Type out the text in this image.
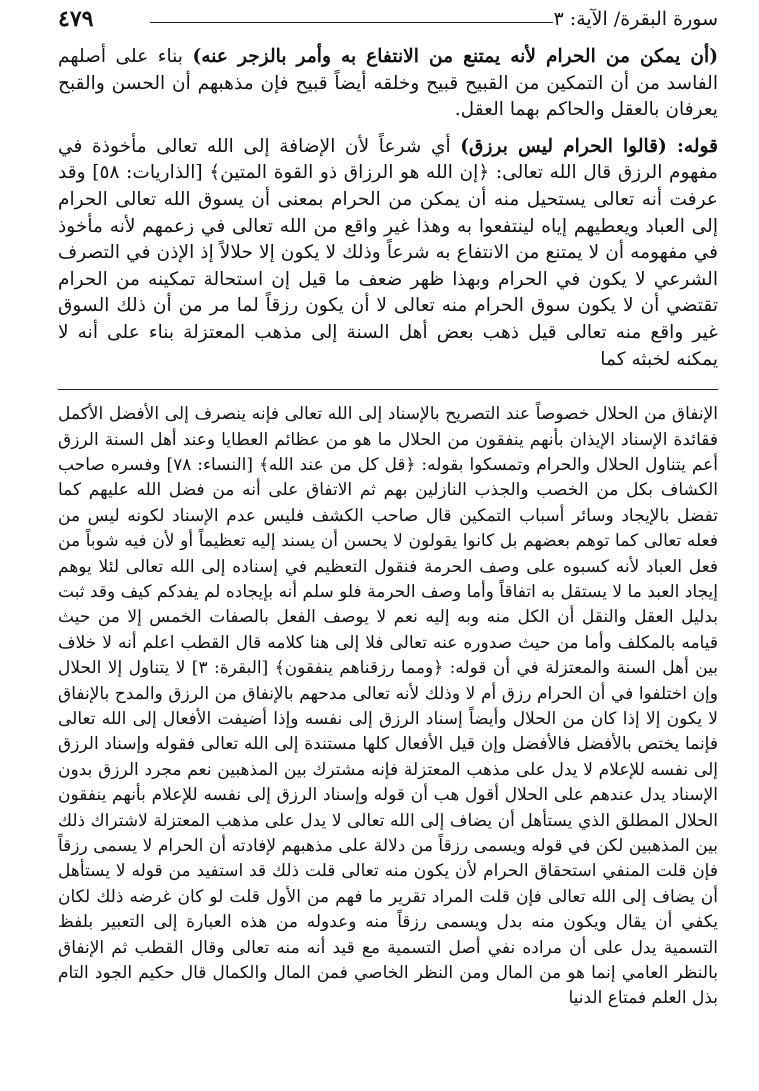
سورة البقرة/ الآية: ٣
٤٧٩

(أن يمكن من الحرام لأنه يمتنع من الانتفاع به وأمر بالزجر عنه) بناء على أصلهم الفاسد من أن التمكين من القبيح قبيح وخلقه أيضاً قبيح فإن مذهبهم أن الحسن والقبح يعرفان بالعقل والحاكم بهما العقل.

قوله: (قالوا الحرام ليس برزق) أي شرعاً لأن الإضافة إلى الله تعالى مأخوذة في مفهوم الرزق قال الله تعالى: ﴿إن الله هو الرزاق ذو القوة المتين﴾ [الذاريات: ٥٨] وقد عرفت أنه تعالى يستحيل منه أن يمكن من الحرام بمعنى أن يسوق الله تعالى الحرام إلى العباد ويعطيهم إياه لينتفعوا به وهذا غير واقع من الله تعالى في زعمهم لأنه مأخوذ في مفهومه أن لا يمتنع من الانتفاع به شرعاً وذلك لا يكون إلا حلالاً إذ الإذن في التصرف الشرعي لا يكون في الحرام وبهذا ظهر ضعف ما قيل إن استحالة تمكينه من الحرام تقتضي أن لا يكون سوق الحرام منه تعالى لا أن يكون رزقاً لما مر من أن ذلك السوق غير واقع منه تعالى قيل ذهب بعض أهل السنة إلى مذهب المعتزلة بناء على أنه لا يمكنه لخبثه كما

الإنفاق من الحلال خصوصاً عند التصريح بالإسناد إلى الله تعالى فإنه ينصرف إلى الأفضل الأكمل فقائدة الإسناد الإيذان بأنهم ينفقون من الحلال ما هو من عظائم العطايا وعند أهل السنة الرزق أعم يتناول الحلال والحرام وتمسكوا بقوله: ﴿قل كل من عند الله﴾ [النساء: ٧٨] وفسره صاحب الكشاف بكل من الخصب والجذب النازلين بهم ثم الاتفاق على أنه من فضل الله عليهم كما تفضل بالإيجاد وسائر أسباب التمكين قال صاحب الكشف فليس عدم الإسناد لكونه ليس من فعله تعالى كما توهم بعضهم بل كانوا يقولون لا يحسن أن يسند إليه تعظيماً أو لأن فيه شوباً من فعل العباد لأنه كسبوه على وصف الحرمة فنقول التعظيم في إسناده إلى الله تعالى لئلا يوهم إيجاد العبد ما لا يستقل به اتفاقاً وأما وصف الحرمة فلو سلم أنه بإيجاده لم يفدكم كيف وقد ثبت بدليل العقل والنقل أن الكل منه وبه إليه نعم لا يوصف الفعل بالصفات الخمس إلا من حيث قيامه بالمكلف وأما من حيث صدوره عنه تعالى فلا إلى هنا كلامه قال القطب اعلم أنه لا خلاف بين أهل السنة والمعتزلة في أن قوله: ﴿ومما رزقناهم ينفقون﴾ [البقرة: ٣] لا يتناول إلا الحلال وإن اختلفوا في أن الحرام رزق أم لا وذلك لأنه تعالى مدحهم بالإنفاق من الرزق والمدح بالإنفاق لا يكون إلا إذا كان من الحلال وأيضاً إسناد الرزق إلى نفسه وإذا أضيفت الأفعال إلى الله تعالى فإنما يختص بالأفضل فالأفضل وإن قيل الأفعال كلها مستندة إلى الله تعالى فقوله وإسناد الرزق إلى نفسه للإعلام لا يدل على مذهب المعتزلة فإنه مشترك بين المذهبين نعم مجرد الرزق بدون الإسناد يدل عندهم على الحلال أقول هب أن قوله وإسناد الرزق إلى نفسه للإعلام بأنهم ينفقون الحلال المطلق الذي يستأهل أن يضاف إلى الله تعالى لا يدل على مذهب المعتزلة لاشتراك ذلك بين المذهبين لكن في قوله ويسمى رزقاً من دلالة على مذهبهم لإفادته أن الحرام لا يسمى رزقاً فإن قلت المنفي استحقاق الحرام لأن يكون منه تعالى قلت ذلك قد استفيد من قوله لا يستأهل أن يضاف إلى الله تعالى فإن قلت المراد تقرير ما فهم من الأول قلت لو كان غرضه ذلك لكان يكفي أن يقال ويكون منه بدل ويسمى رزقاً منه وعدوله من هذه العبارة إلى التعبير بلفظ التسمية يدل على أن مراده نفي أصل التسمية مع قيد أنه منه تعالى وقال القطب ثم الإنفاق بالنظر العامي إنما هو من المال ومن النظر الخاصي فمن المال والكمال قال حكيم الجود التام بذل العلم فمتاع الدنيا
